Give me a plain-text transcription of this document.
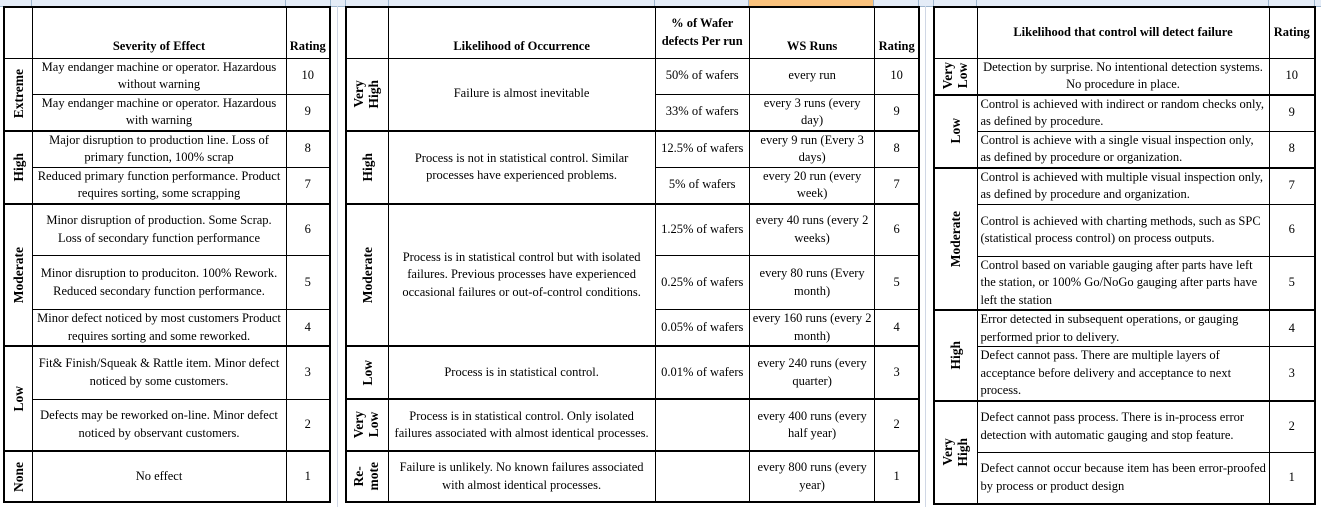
	Severity of Effect	Rating

Extreme	May endanger machine or operator. Hazardous without warning	10
	May endanger machine or operator. Hazardous with warning	9

High	Major disruption to production line. Loss of primary function, 100% scrap	8
	Reduced primary function performance. Product requires sorting, some scrapping	7

Moderate	Minor disruption of production. Some Scrap. Loss of secondary function performance	6
	Minor disruption to produciton. 100% Rework. Reduced secondary function performance.	5
	Minor defect noticed by most customers Product requires sorting and some reworked.	4

Low	Fit& Finish/Squeak & Rattle item. Minor defect noticed by some customers.	3
	Defects may be reworked on-line. Minor defect noticed by observant customers.	2

None	No effect	1
	Likelihood of Occurrence	% of Wafer defects Per run	WS Runs	Rating

Very
High	Failure is almost inevitable	50% of wafers	every run	10
		33% of wafers	every 3 runs (every day)	9

High	Process is not in statistical control. Similar processes have experienced problems.	12.5% of wafers	every 9 run (Every 3 days)	8
		5% of wafers	every 20 run (every week)	7

Moderate	Process is in statistical control but with isolated failures. Previous processes have experienced occasional failures or out-of-control conditions.	1.25% of wafers	every 40 runs (every 2 weeks)	6
		0.25% of wafers	every 80 runs (Every month)	5
		0.05% of wafers	every 160 runs (every 2 month)	4

Low	Process is in statistical control.	0.01% of wafers	every 240 runs (every quarter)	3

Very
Low	Process is in statistical control. Only isolated failures associated with almost identical processes.		every 400 runs (every half year)	2

Re-
mote	Failure is unlikely. No known failures associated with almost identical processes.		every 800 runs (every year)	1
	Likelihood that control will detect failure	Rating

Very
Low	Detection by surprise. No intentional detection systems. No procedure in place.	10

Low	Control is achieved with indirect or random checks only, as defined by procedure.	9
	Control is achieve with a single visual inspection only, as defined by procedure or organization.	8

Moderate	Control is achieved with multiple visual inspection only, as defined by procedure and organization.	7
	Control is achieved with charting methods, such as SPC (statistical process control) on process outputs.	6
	Control based on variable gauging after parts have left the station, or 100% Go/NoGo gauging after parts have left the station	5

High	Error detected in subsequent operations, or gauging performed prior to delivery.	4
	Defect cannot pass. There are multiple layers of acceptance before delivery and acceptance to next process.	3

Very
High	Defect cannot pass process. There is in-process error detection with automatic gauging and stop feature.	2
	Defect cannot occur because item has been error-proofed by process or product design	1
